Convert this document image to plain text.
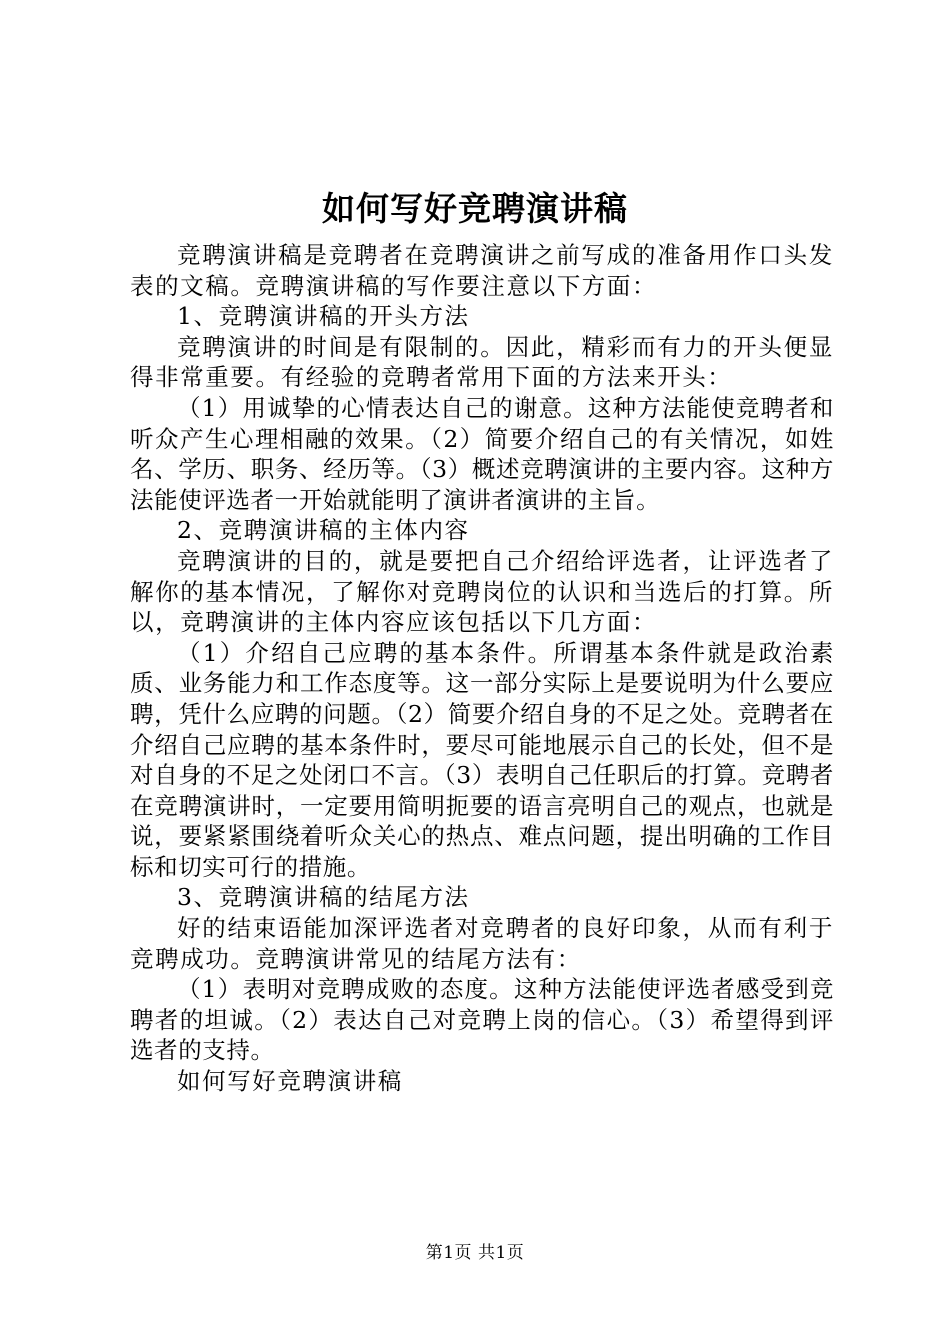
如何写好竞聘演讲稿

竞聘演讲稿是竞聘者在竞聘演讲之前写成的准备用作口头发表的文稿。竞聘演讲稿的写作要注意以下方面：

1、竞聘演讲稿的开头方法

竞聘演讲的时间是有限制的。因此，精彩而有力的开头便显得非常重要。有经验的竞聘者常用下面的方法来开头：

（1）用诚挚的心情表达自己的谢意。这种方法能使竞聘者和听众产生心理相融的效果。（2）简要介绍自己的有关情况，如姓名、学历、职务、经历等。（3）概述竞聘演讲的主要内容。这种方法能使评选者一开始就能明了演讲者演讲的主旨。

2、竞聘演讲稿的主体内容

竞聘演讲的目的，就是要把自己介绍给评选者，让评选者了解你的基本情况，了解你对竞聘岗位的认识和当选后的打算。所以，竞聘演讲的主体内容应该包括以下几方面：

（1）介绍自己应聘的基本条件。所谓基本条件就是政治素质、业务能力和工作态度等。这一部分实际上是要说明为什么要应聘，凭什么应聘的问题。（2）简要介绍自身的不足之处。竞聘者在介绍自己应聘的基本条件时，要尽可能地展示自己的长处，但不是对自身的不足之处闭口不言。（3）表明自己任职后的打算。竞聘者在竞聘演讲时，一定要用简明扼要的语言亮明自己的观点，也就是说，要紧紧围绕着听众关心的热点、难点问题，提出明确的工作目标和切实可行的措施。

3、竞聘演讲稿的结尾方法

好的结束语能加深评选者对竞聘者的良好印象，从而有利于竞聘成功。竞聘演讲常见的结尾方法有：

（1）表明对竞聘成败的态度。这种方法能使评选者感受到竞聘者的坦诚。（2）表达自己对竞聘上岗的信心。（3）希望得到评选者的支持。

如何写好竞聘演讲稿

第1页 共1页
